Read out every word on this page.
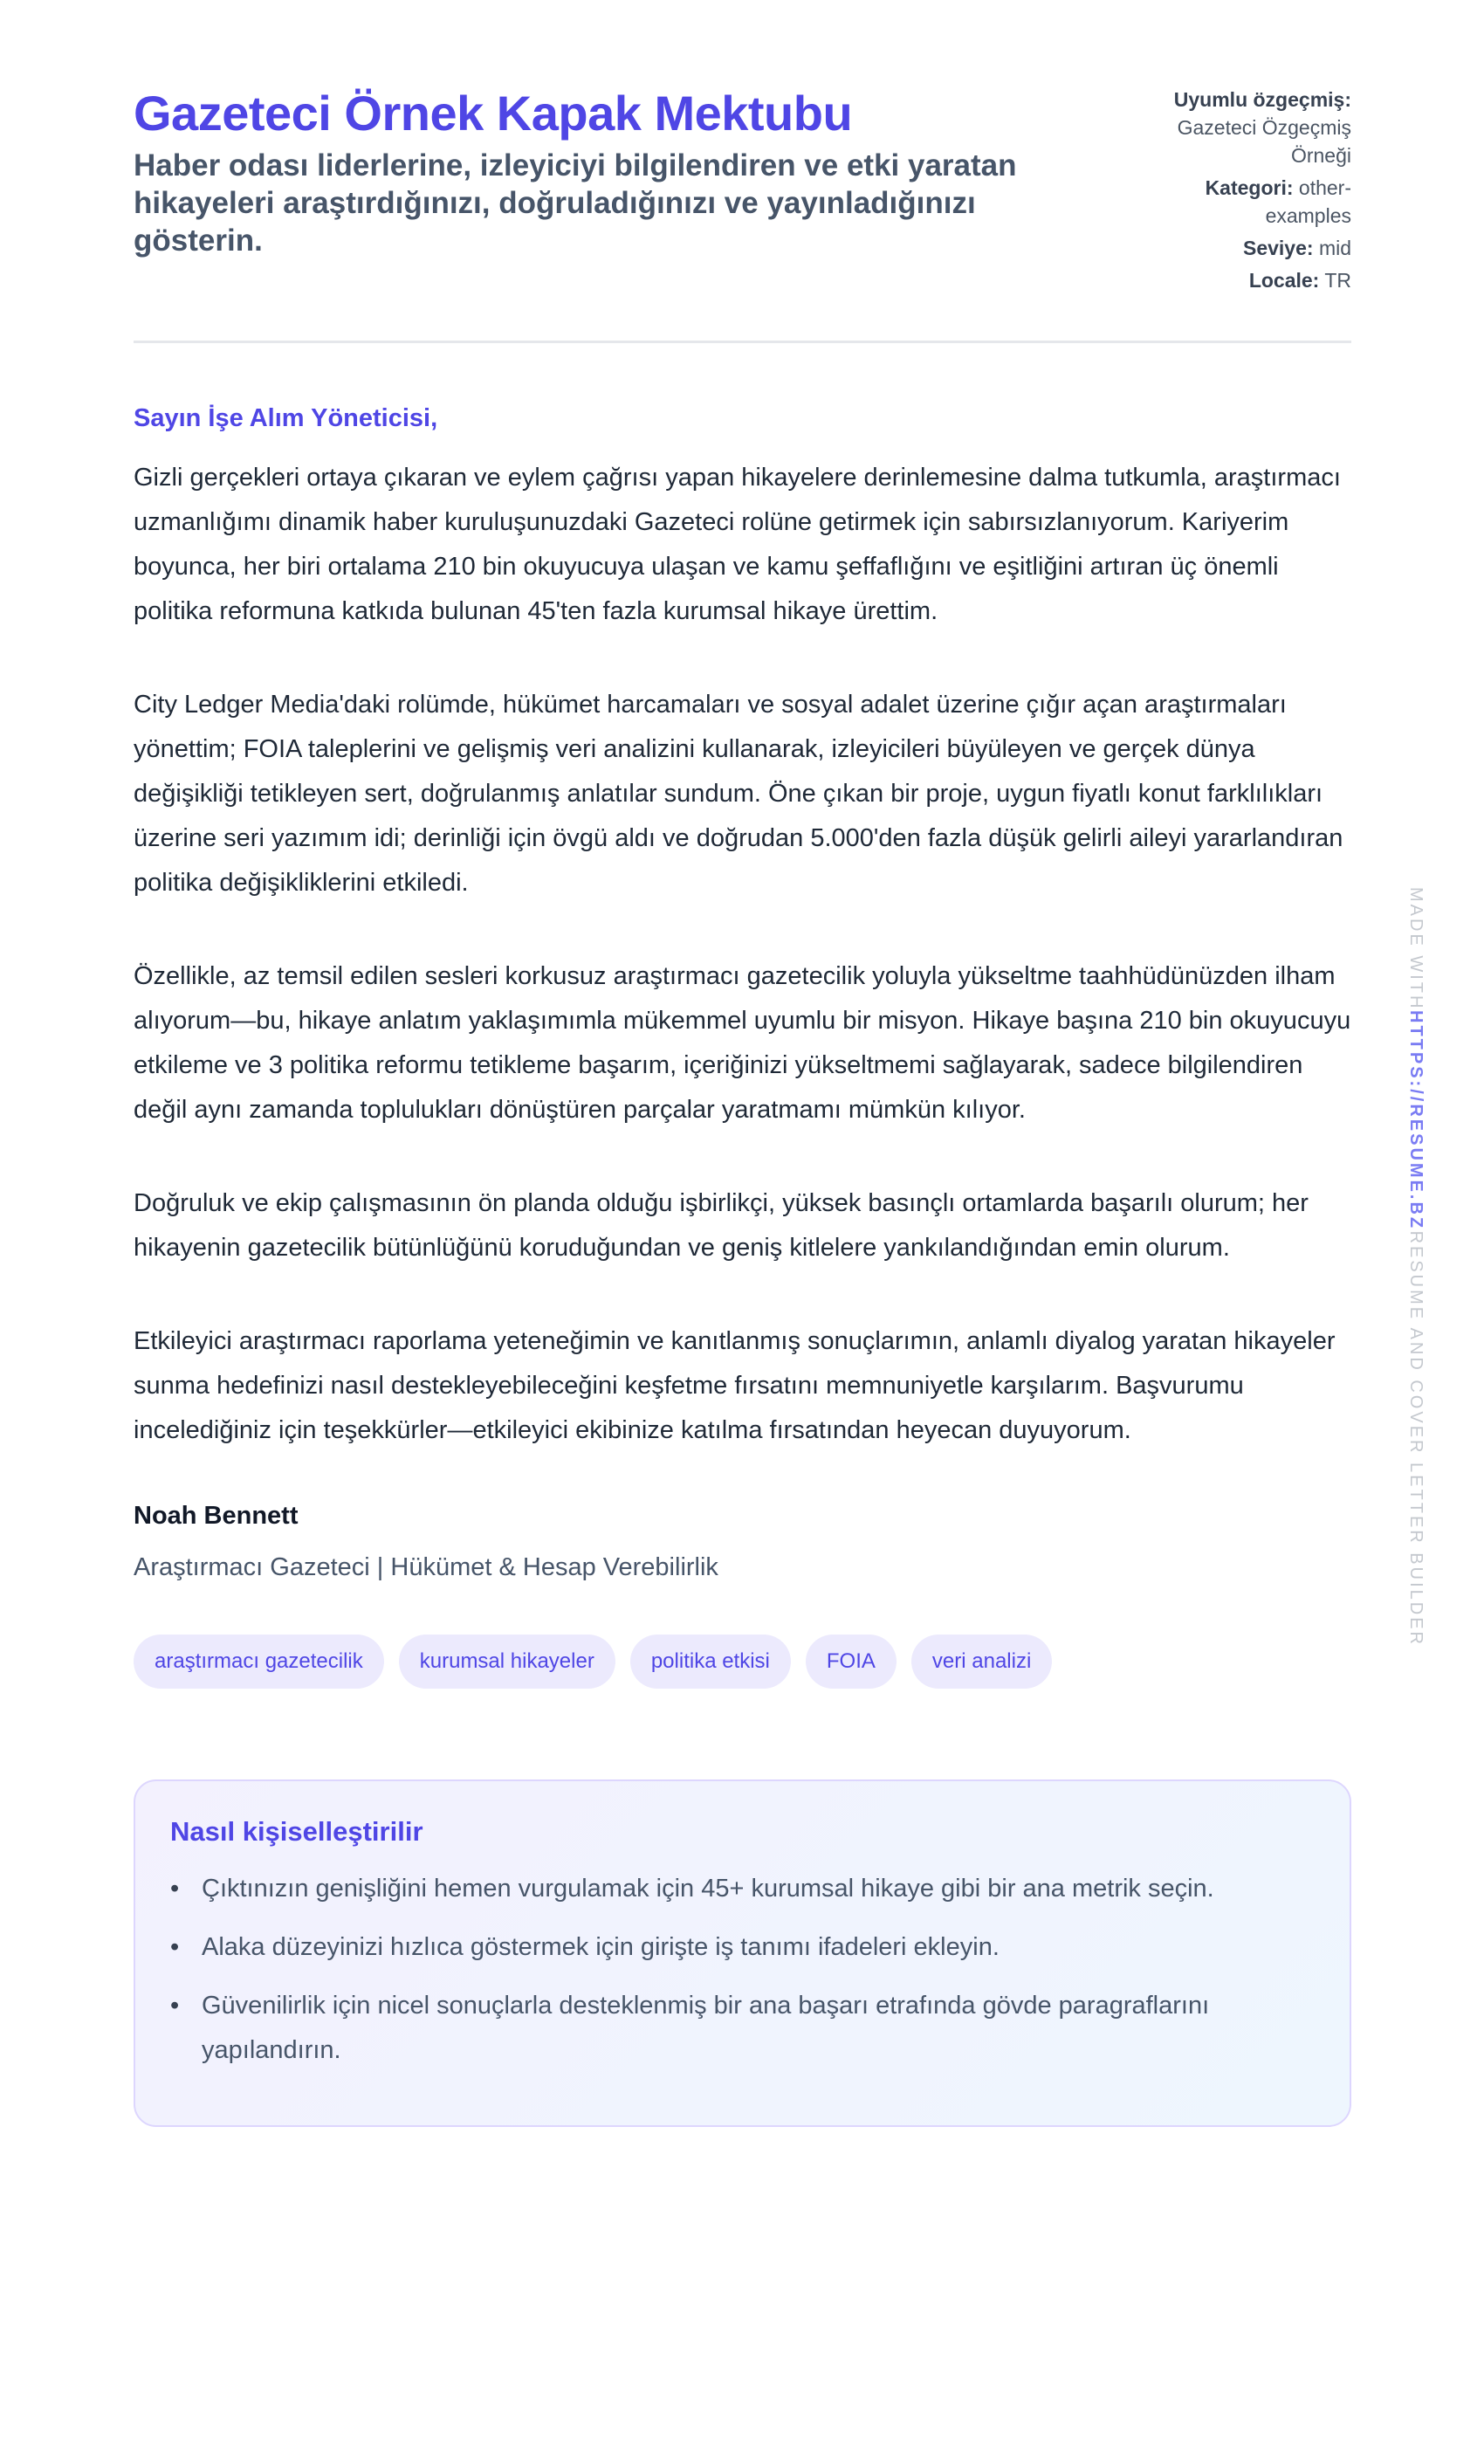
Gazeteci Örnek Kapak Mektubu

Haber odası liderlerine, izleyiciyi bilgilendiren ve etki yaratan hikayeleri araştırdığınızı, doğruladığınızı ve yayınladığınızı gösterin.

Uyumlu özgeçmiş:
Gazeteci Özgeçmiş Örneği
Kategori: other-examples
Seviye: mid
Locale: TR

Sayın İşe Alım Yöneticisi,

Gizli gerçekleri ortaya çıkaran ve eylem çağrısı yapan hikayelere derinlemesine dalma tutkumla, araştırmacı uzmanlığımı dinamik haber kuruluşunuzdaki Gazeteci rolüne getirmek için sabırsızlanıyorum. Kariyerim boyunca, her biri ortalama 210 bin okuyucuya ulaşan ve kamu şeffaflığını ve eşitliğini artıran üç önemli politika reformuna katkıda bulunan 45'ten fazla kurumsal hikaye ürettim.

City Ledger Media'daki rolümde, hükümet harcamaları ve sosyal adalet üzerine çığır açan araştırmaları yönettim; FOIA taleplerini ve gelişmiş veri analizini kullanarak, izleyicileri büyüleyen ve gerçek dünya değişikliği tetikleyen sert, doğrulanmış anlatılar sundum. Öne çıkan bir proje, uygun fiyatlı konut farklılıkları üzerine seri yazımım idi; derinliği için övgü aldı ve doğrudan 5.000'den fazla düşük gelirli aileyi yararlandıran politika değişikliklerini etkiledi.

Özellikle, az temsil edilen sesleri korkusuz araştırmacı gazetecilik yoluyla yükseltme taahhüdünüzden ilham alıyorum—bu, hikaye anlatım yaklaşımımla mükemmel uyumlu bir misyon. Hikaye başına 210 bin okuyucuyu etkileme ve 3 politika reformu tetikleme başarım, içeriğinizi yükseltmemi sağlayarak, sadece bilgilendiren değil aynı zamanda toplulukları dönüştüren parçalar yaratmamı mümkün kılıyor.

Doğruluk ve ekip çalışmasının ön planda olduğu işbirlikçi, yüksek basınçlı ortamlarda başarılı olurum; her hikayenin gazetecilik bütünlüğünü koruduğundan ve geniş kitlelere yankılandığından emin olurum.

Etkileyici araştırmacı raporlama yeteneğimin ve kanıtlanmış sonuçlarımın, anlamlı diyalog yaratan hikayeler sunma hedefinizi nasıl destekleyebileceğini keşfetme fırsatını memnuniyetle karşılarım. Başvurumu incelediğiniz için teşekkürler—etkileyici ekibinize katılma fırsatından heyecan duyuyorum.

Noah Bennett

Araştırmacı Gazeteci | Hükümet & Hesap Verebilirlik

araştırmacı gazetecilik	kurumsal hikayeler	politika etkisi	FOIA	veri analizi
Nasıl kişiselleştirilir
• Çıktınızın genişliğini hemen vurgulamak için 45+ kurumsal hikaye gibi bir ana metrik seçin.
• Alaka düzeyinizi hızlıca göstermek için girişte iş tanımı ifadeleri ekleyin.
• Güvenilirlik için nicel sonuçlarla desteklenmiş bir ana başarı etrafında gövde paragraflarını yapılandırın.
MADE WITHHTTPS://RESUME.BZRESUME AND COVER LETTER BUILDER
